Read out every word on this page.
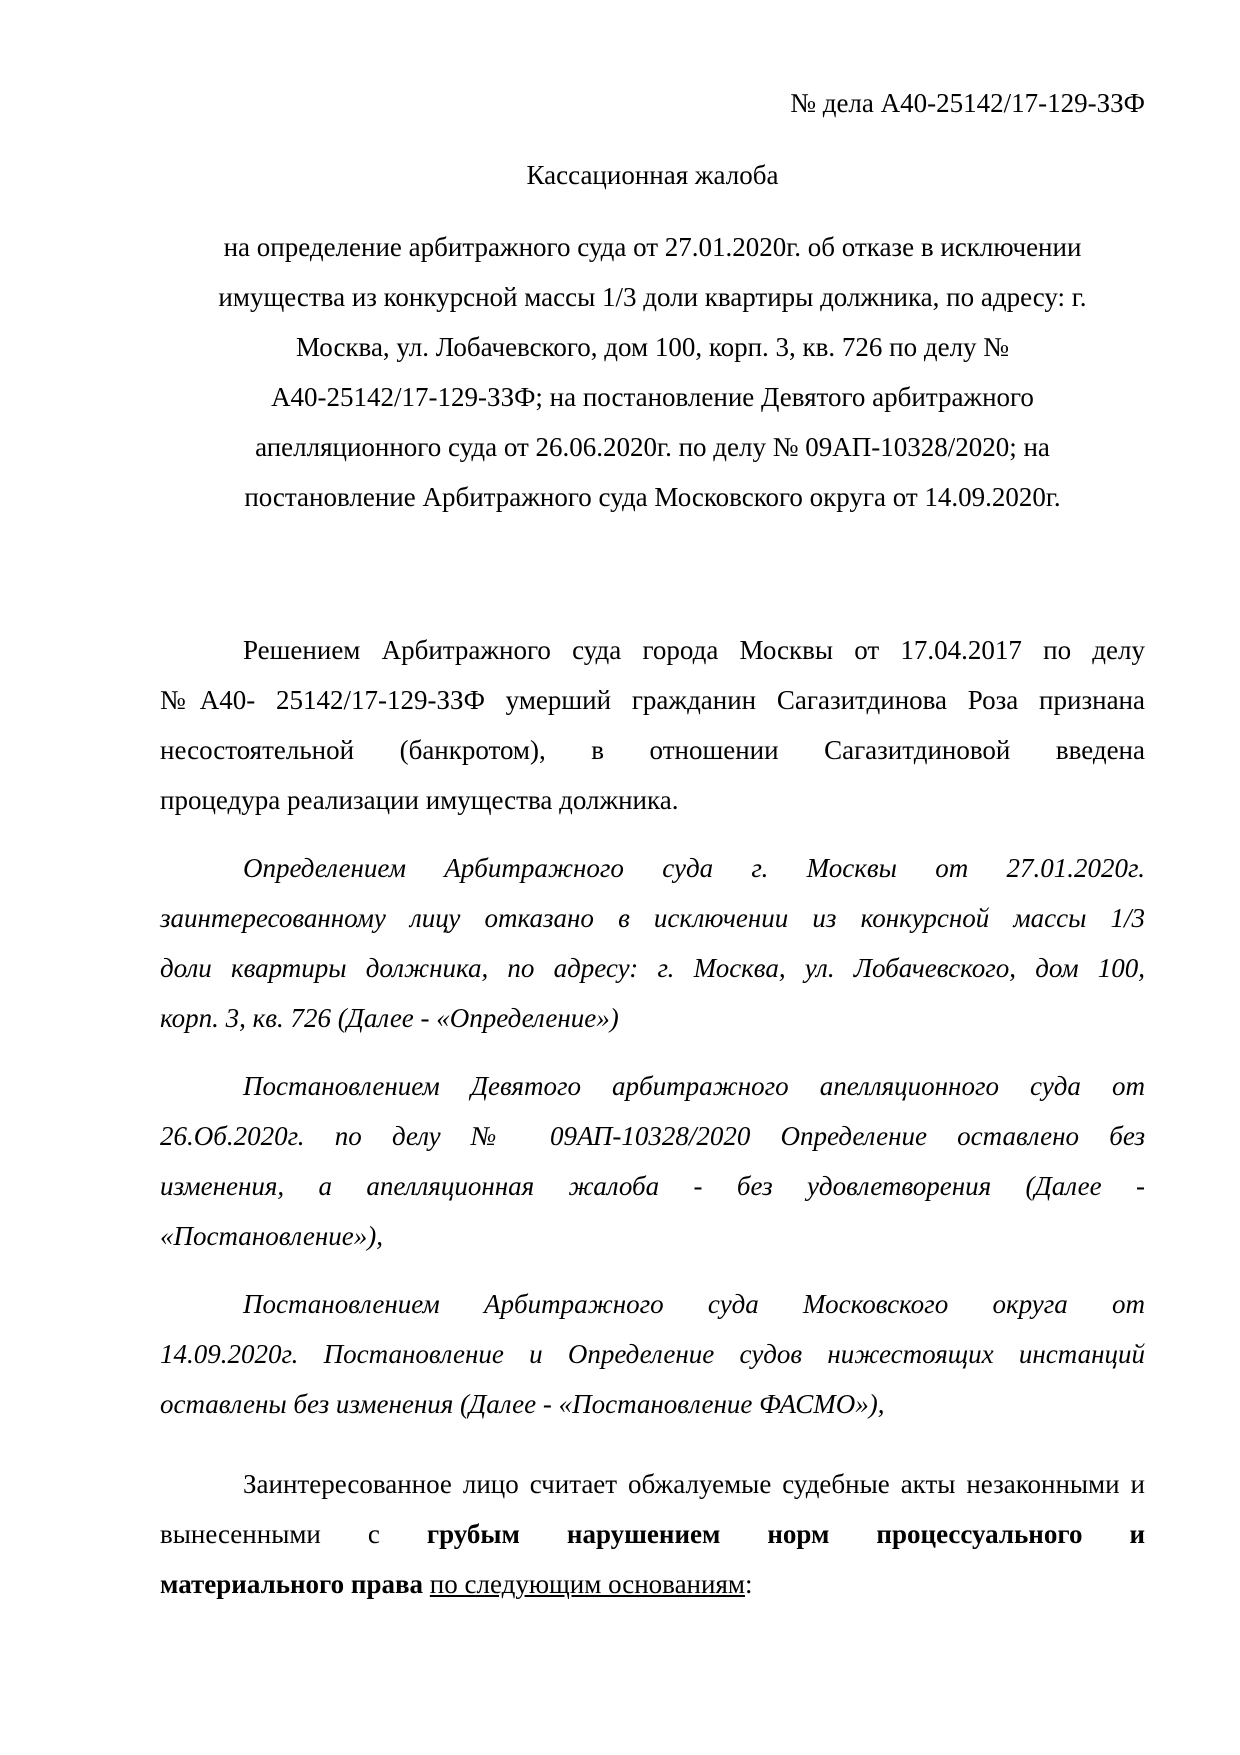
№ дела А40-25142/17-129-ЗЗФ
Кассационная жалоба
на определение арбитражного суда от 27.01.2020г. об отказе в исключении
имущества из конкурсной массы 1/3 доли квартиры должника, по адресу: г.
Москва, ул. Лобачевского, дом 100, корп. 3, кв. 726 по делу №
А40-25142/17-129-ЗЗФ; на постановление Девятого арбитражного
апелляционного суда от 26.06.2020г. по делу № 09АП-10328/2020; на
постановление Арбитражного суда Московского округа от 14.09.2020г.
Решением Арбитражного суда города Москвы от 17.04.2017 по делу
№А40- 25142/17-129-ЗЗФ умерший гражданин Сагазитдинова Роза признана
несостоятельной (банкротом), в отношении Сагазитдиновой введена
процедура реализации имущества должника.
Определением Арбитражного суда г. Москвы от 27.01.2020г.
заинтересованному лицу отказано в исключении из конкурсной массы 1/3
доли квартиры должника, по адресу: г. Москва, ул. Лобачевского, дом 100,
корп. 3, кв. 726 (Далее - «Определение»)
Постановлением Девятого арбитражного апелляционного суда от
26.Об.2020г. по делу № 09АП-10328/2020 Определение оставлено без
изменения, а апелляционная жалоба - без удовлетворения (Далее -
«Постановление»),
Постановлением Арбитражного суда Московского округа от
14.09.2020г. Постановление и Определение судов нижестоящих инстанций
оставлены без изменения (Далее - «Постановление ФАСМО»),
Заинтересованное лицо считает обжалуемые судебные акты незаконными и
вынесенными с грубым нарушением норм процессуального и
материального права по следующим основаниям:
